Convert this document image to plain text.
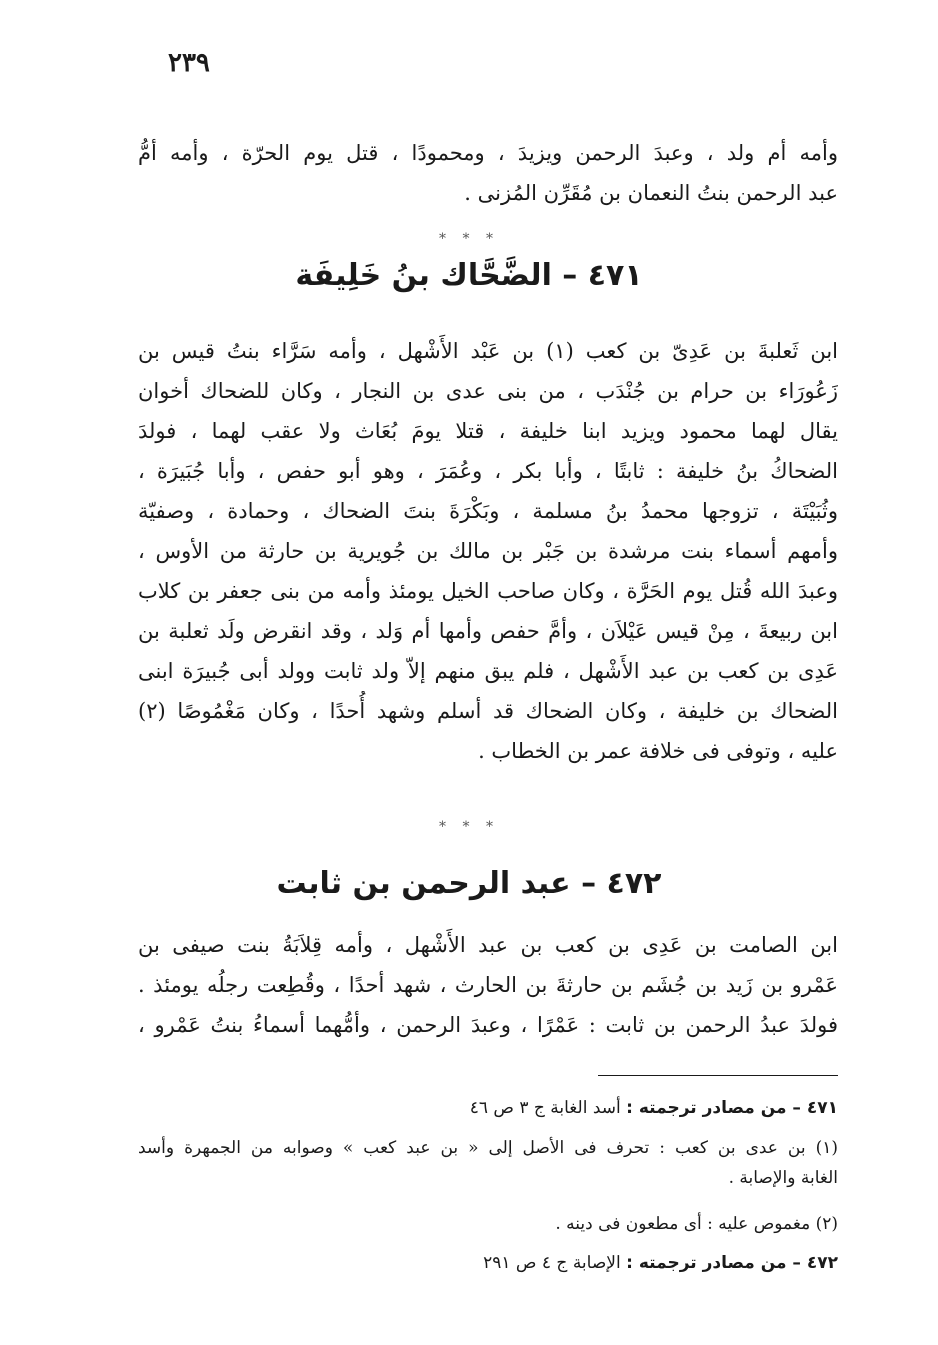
٢٣٩
وأمه أم ولد ، وعبدَ الرحمن ويزيدَ ، ومحمودًا ، قتل يوم الحرّة ، وأمه أمُّ
عبد الرحمن بنتُ النعمان بن مُقَرِّن المُزنى .
* * *
٤٧١ – الضَّحَّاك بنُ خَلِيفَة
ابن ثَعلبةَ بن عَدِىّ بن كعب (١) بن عَبْد الأَشْهل ، وأمه سَرَّاء بنتُ قيس بن
زَعُورَاء بن حرام بن جُنْدَب ، من بنى عدى بن النجار ، وكان للضحاك أخوان
يقال لهما محمود ويزيد ابنا خليفة ، قتلا يومَ بُعَاث ولا عقب لهما ، فولدَ
الضحاكُ بنُ خليفة : ثابتًا ، وأبا بكر ، وعُمَرَ ، وهو أبو حفص ، وأبا جُبَيرَة ،
وثُبَيْتَة ، تزوجها محمدُ بنُ مسلمة ، وبَكْرَةَ بنتَ الضحاك ، وحمادة ، وصفيّة
وأمهم أسماء بنت مرشدة بن جَبْر بن مالك بن جُويرية بن حارثة من الأوس ،
وعبدَ الله قُتل يوم الحَرَّة ، وكان صاحب الخيل يومئذ وأمه من بنى جعفر بن كلاب
ابن ربيعةَ ، مِنْ قيس عَيْلاَن ، وأمَّ حفص وأمها أم وَلد ، وقد انقرض ولَد ثعلبة بن
عَدِى بن كعب بن عبد الأَشْهل ، فلم يبق منهم إلاّ ولد ثابت وولد أبى جُبيرَة ابنى
الضحاك بن خليفة ، وكان الضحاك قد أسلم وشهد أُحدًا ، وكان مَغْمُوصًا (٢)
عليه ، وتوفى فى خلافة عمر بن الخطاب .
* * *
٤٧٢ – عبد الرحمن بن ثابت
ابن الصامت بن عَدِى بن كعب بن عبد الأَشْهل ، وأمه قِلاَبَةُ بنت صيفى بن
عَمْرو بن زَيد بن جُشَم بن حارثةَ بن الحارث ، شهد أحدًا ، وقُطِعت رجلُه يومئذ .
فولدَ عبدُ الرحمن بن ثابت : عَمْرًا ، وعبدَ الرحمن ، وأمُّهما أسماءُ بنتُ عَمْرو ،
٤٧١ – من مصادر ترجمته : أسد الغابة ج ٣ ص ٤٦
(١) بن عدى بن كعب : تحرف فى الأصل إلى « بن عبد كعب » وصوابه من الجمهرة وأسد
الغابة والإصابة .
(٢) مغموص عليه : أى مطعون فى دينه .
٤٧٢ – من مصادر ترجمته : الإصابة ج ٤ ص ٢٩١
